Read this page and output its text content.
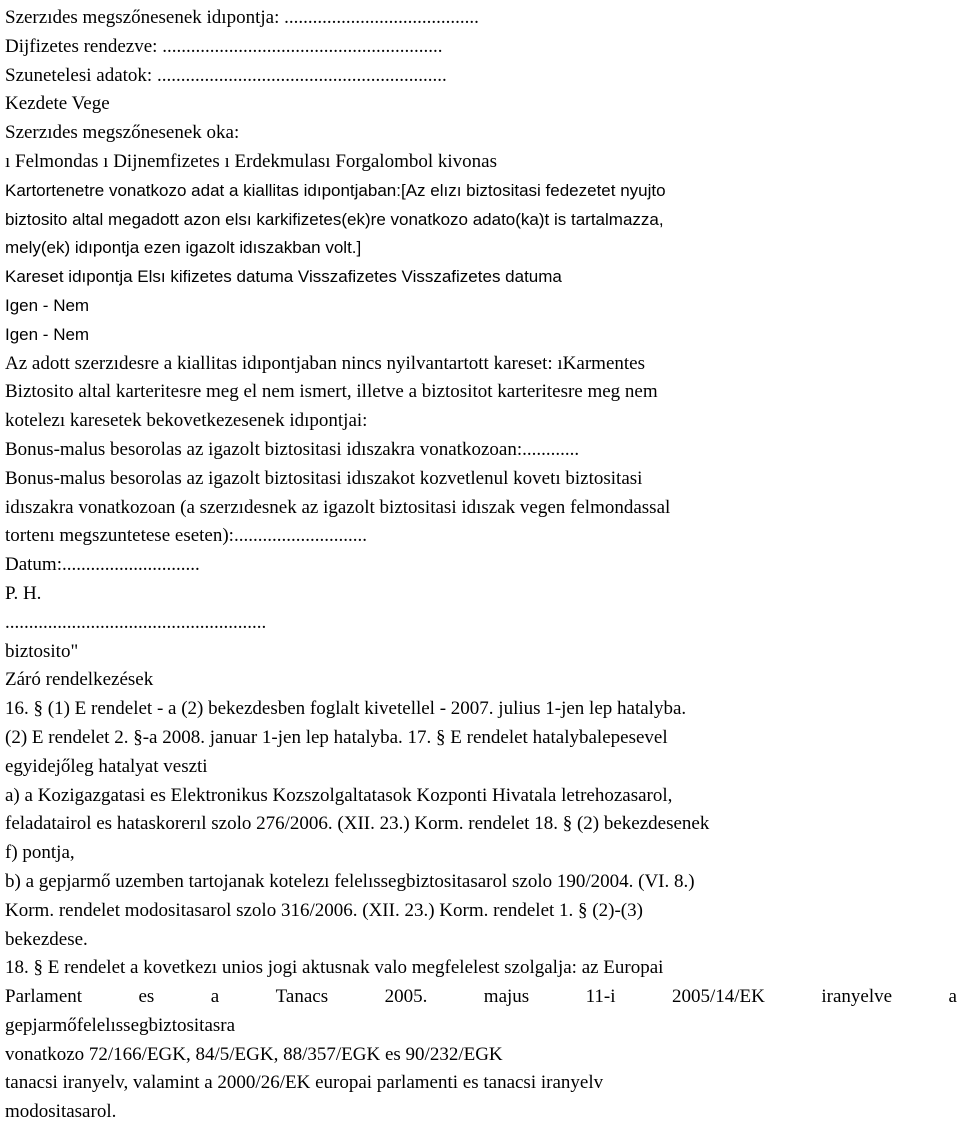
Szerzıdes megszőnesenek idıpontja: .........................................
Dijfizetes rendezve: ...........................................................
Szunetelesi adatok: .............................................................
Kezdete Vege
Szerzıdes megszőnesenek oka:
ı Felmondas ı Dijnemfizetes ı Erdekmulası Forgalombol kivonas
Kartortenetre vonatkozo adat a kiallitas idıpontjaban:[Az elızı biztositasi fedezetet nyujto
biztosito altal megadott azon elsı karkifizetes(ek)re vonatkozo adato(ka)t is tartalmazza,
mely(ek) idıpontja ezen igazolt idıszakban volt.]
Kareset idıpontja Elsı kifizetes datuma Visszafizetes Visszafizetes datuma
Igen - Nem
Igen - Nem
Az adott szerzıdesre a kiallitas idıpontjaban nincs nyilvantartott kareset: ıKarmentes
Biztosito altal karteritesre meg el nem ismert, illetve a biztositot karteritesre meg nem
kotelezı karesetek bekovetkezesenek idıpontjai:
Bonus-malus besorolas az igazolt biztositasi idıszakra vonatkozoan:............
Bonus-malus besorolas az igazolt biztositasi idıszakot kozvetlenul kovetı biztositasi
idıszakra vonatkozoan (a szerzıdesnek az igazolt biztositasi idıszak vegen felmondassal
tortenı megszuntetese eseten):............................
Datum:.............................
P. H.
.......................................................
biztosito"
Záró rendelkezések
16. § (1) E rendelet - a (2) bekezdesben foglalt kivetellel - 2007. julius 1-jen lep hatalyba.
(2) E rendelet 2. §-a 2008. januar 1-jen lep hatalyba. 17. § E rendelet hatalybalepesevel
egyidejőleg hatalyat veszti
a) a Kozigazgatasi es Elektronikus Kozszolgaltatasok Kozponti Hivatala letrehozasarol,
feladatairol es hataskorerıl szolo 276/2006. (XII. 23.) Korm. rendelet 18. § (2) bekezdesenek
f) pontja,
b) a gepjarmő uzemben tartojanak kotelezı felelıssegbiztositasarol szolo 190/2004. (VI. 8.)
Korm. rendelet modositasarol szolo 316/2006. (XII. 23.) Korm. rendelet 1. § (2)-(3)
bekezdese.
18. § E rendelet a kovetkezı unios jogi aktusnak valo megfelelest szolgalja: az Europai
Parlament	es	a	Tanacs	2005.	majus	11-i	2005/14/EK	iranyelve	a
gepjarmőfelelıssegbiztositasra
vonatkozo 72/166/EGK, 84/5/EGK, 88/357/EGK es 90/232/EGK
tanacsi iranyelv, valamint a 2000/26/EK europai parlamenti es tanacsi iranyelv
modositasarol.
